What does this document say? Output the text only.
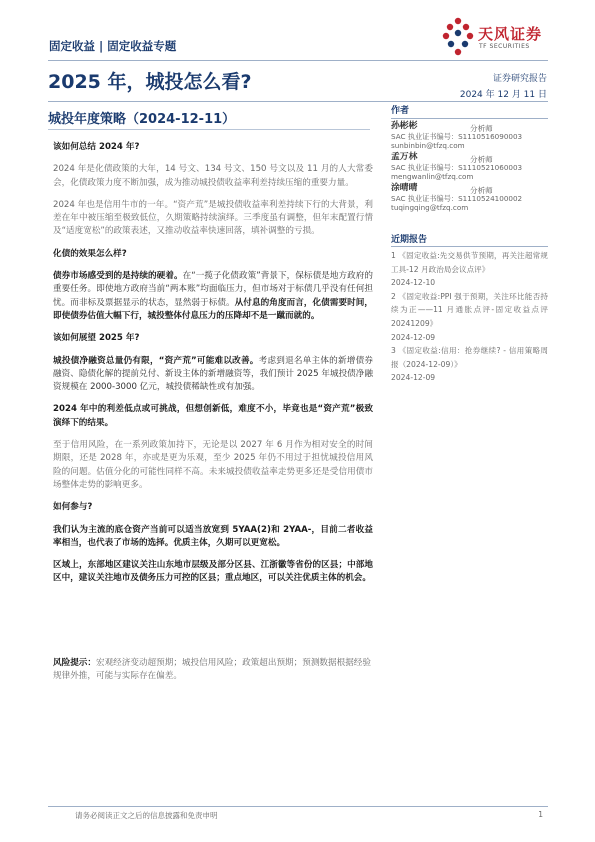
固定收益 | 固定收益专题
天风证券
TF SECURITIES
2025 年，城投怎么看?	证券研究报告
2024 年 12 月 11 日
城投年度策略（2024-12-11）
该如何总结 2024 年?
2024 年是化债政策的大年，14 号文、134 号文、150 号文以及 11 月的人大常委会，化债政策力度不断加强，成为推动城投债收益率利差持续压缩的重要力量。
2024 年也是信用牛市的一年。“资产荒”是城投债收益率利差持续下行的大背景，利差在年中被压缩至极致低位，久期策略持续演绎。三季度虽有调整，但年末配置行情及“适度宽松”的政策表述，又推动收益率快速回落，填补调整的亏损。
化债的效果怎么样?
债券市场感受到的是持续的硬着。在“一揽子化债政策”背景下，保标债是地方政府的重要任务。即使地方政府当前“两本账”均面临压力，但市场对于标债几乎没有任何担忧。而非标及票据显示的状态，显然弱于标债。从付息的角度而言，化债需要时间，即使债券估值大幅下行，城投整体付息压力的压降却不是一蹴而就的。
该如何展望 2025 年?
城投债净融资总量仍有限，“资产荒”可能难以改善。考虑到退名单主体的新增债券融资、隐债化解的提前兑付、新设主体的新增融资等，我们预计 2025 年城投债净融资规模在 2000-3000 亿元，城投债稀缺性或有加强。
2024 年中的利差低点或可挑战，但想创新低，难度不小，毕竟也是“资产荒”极致演绎下的结果。
至于信用风险，在一系列政策加持下，无论是以 2027 年 6 月作为相对安全的时间期限，还是 2028 年，亦或是更为乐观，至少 2025 年仍不用过于担忧城投信用风险的问题。估值分化的可能性同样不高。未来城投债收益率走势更多还是受信用债市场整体走势的影响更多。
如何参与?
我们认为主流的底仓资产当前可以适当放宽到 5YAA(2)和 2YAA-，目前二者收益率相当，也代表了市场的选择。优质主体，久期可以更宽松。
区域上，东部地区建议关注山东地市层级及部分区县、江浙徽等省份的区县；中部地区中，建议关注地市及债务压力可控的区县；重点地区，可以关注优质主体的机会。
风险提示：宏观经济变动超预期；城投信用风险；政策超出预期；预测数据根据经验规律外推，可能与实际存在偏差。
作者
孙彬彬	分析师
SAC 执业证书编号：S1110516090003
sunbinbin@tfzq.com
孟万林	分析师
SAC 执业证书编号：S1110521060003
mengwanlin@tfzq.com
涂晴晴	分析师
SAC 执业证书编号：S1110524100002
tuqingqing@tfzq.com
近期报告
1 《固定收益:先交易供节预期，再关注超常规工具-12 月政治局会议点评》
2024-12-10
2 《固定收益:PPI 强于预期，关注环比能否持续为正——11 月通胀点评-固定收益点评 20241209》
2024-12-09
3 《固定收益:信用：抢券继续? - 信用策略周报（2024-12-09）》
2024-12-09
请务必阅读正文之后的信息披露和免责申明	1
